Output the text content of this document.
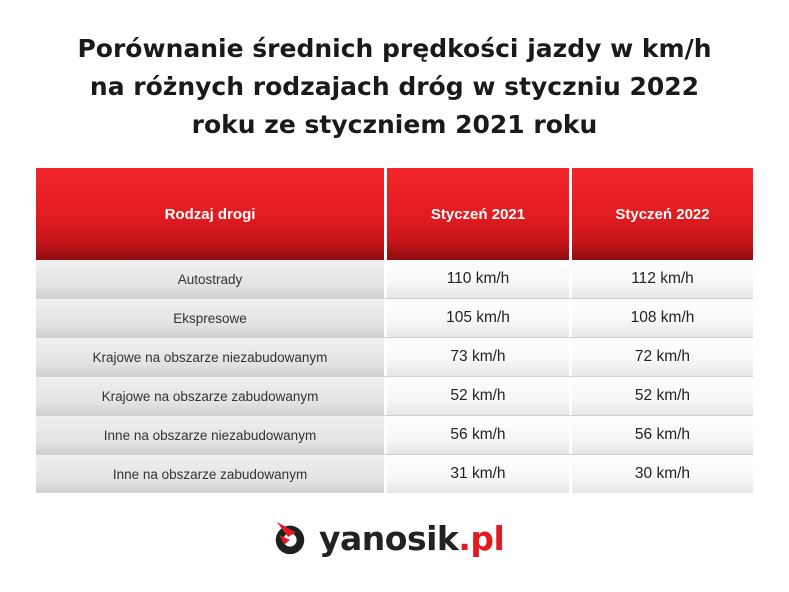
Porównanie średnich prędkości jazdy w km/h
na różnych rodzajach dróg w styczniu 2022
roku ze styczniem 2021 roku
Rodzaj drogi	Styczeń 2021	Styczeń 2022
Autostrady	110 km/h	112 km/h
Ekspresowe	105 km/h	108 km/h
Krajowe na obszarze niezabudowanym	73 km/h	72 km/h
Krajowe na obszarze zabudowanym	52 km/h	52 km/h
Inne na obszarze niezabudowanym	56 km/h	56 km/h
Inne na obszarze zabudowanym	31 km/h	30 km/h
yanosik.pl
